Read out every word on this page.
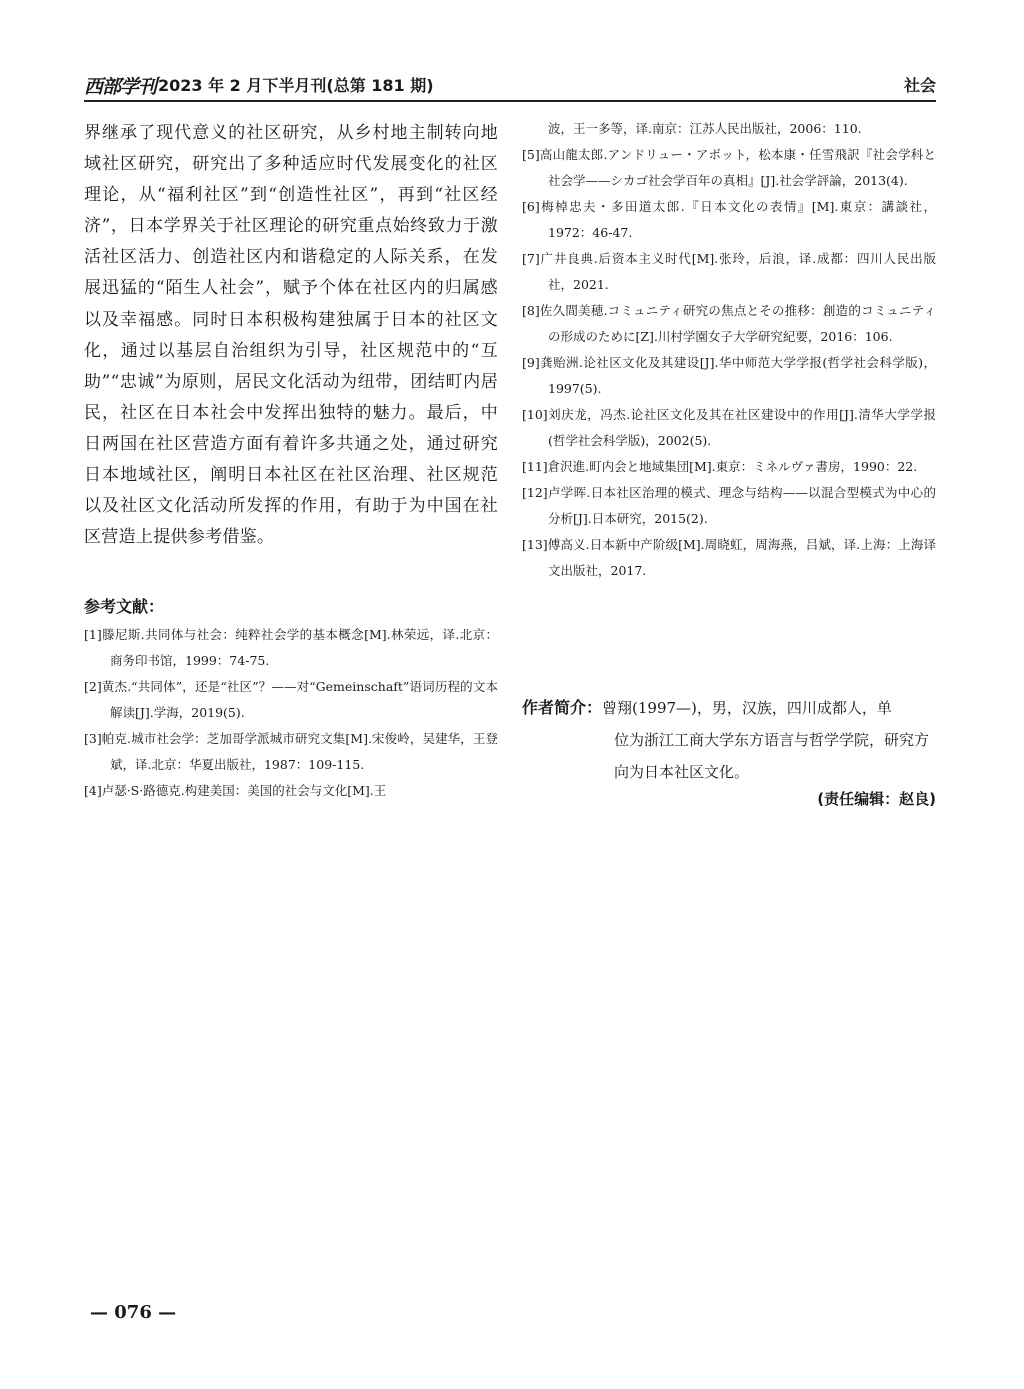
西部学刊 2023 年 2 月下半月刊(总第 181 期)	社会

界继承了现代意义的社区研究，从乡村地主制转向地域社区研究，研究出了多种适应时代发展变化的社区理论，从“福利社区”到“创造性社区”，再到“社区经济”，日本学界关于社区理论的研究重点始终致力于激活社区活力、创造社区内和谐稳定的人际关系，在发展迅猛的“陌生人社会”，赋予个体在社区内的归属感以及幸福感。同时日本积极构建独属于日本的社区文化，通过以基层自治组织为引导，社区规范中的“互助”“忠诚”为原则，居民文化活动为纽带，团结町内居民，社区在日本社会中发挥出独特的魅力。最后，中日两国在社区营造方面有着许多共通之处，通过研究日本地域社区，阐明日本社区在社区治理、社区规范以及社区文化活动所发挥的作用，有助于为中国在社区营造上提供参考借鉴。

参考文献：
[1]滕尼斯.共同体与社会：纯粹社会学的基本概念[M].林荣远，译.北京：商务印书馆，1999：74-75.
[2]黄杰.“共同体”，还是“社区”？——对“Gemeinschaft”语词历程的文本解读[J].学海，2019(5).
[3]帕克.城市社会学：芝加哥学派城市研究文集[M].宋俊岭，吴建华，王登斌，译.北京：华夏出版社，1987：109-115.
[4]卢瑟·S·路德克.构建美国：美国的社会与文化[M].王
波，王一多等，译.南京：江苏人民出版社，2006：110.
[5]高山龍太郎.アンドリュー・アボット，松本康・任雪飛訳『社会学科と社会学——シカゴ社会学百年の真相』[J].社会学評論，2013(4).
[6]梅棹忠夫・多田道太郎.『日本文化の表情』[M].東京：講談社，1972：46-47.
[7]广井良典.后资本主义时代[M].张玲，后浪，译.成都：四川人民出版社，2021.
[8]佐久間美穂.コミュニティ研究の焦点とその推移：創造的コミュニティの形成のために[Z].川村学園女子大学研究紀要，2016：106.
[9]龚贻洲.论社区文化及其建设[J].华中师范大学学报(哲学社会科学版)，1997(5).
[10]刘庆龙，冯杰.论社区文化及其在社区建设中的作用[J].清华大学学报(哲学社会科学版)，2002(5).
[11]倉沢進.町内会と地域集団[M].東京：ミネルヴァ書房，1990：22.
[12]卢学晖.日本社区治理的模式、理念与结构——以混合型模式为中心的分析[J].日本研究，2015(2).
[13]傅高义.日本新中产阶级[M].周晓虹，周海燕，吕斌，译.上海：上海译文出版社，2017.

作者简介：曾翔(1997—)，男，汉族，四川成都人，单
位为浙江工商大学东方语言与哲学学院，研究方向为日本社区文化。

(责任编辑：赵良)

— 076 —
